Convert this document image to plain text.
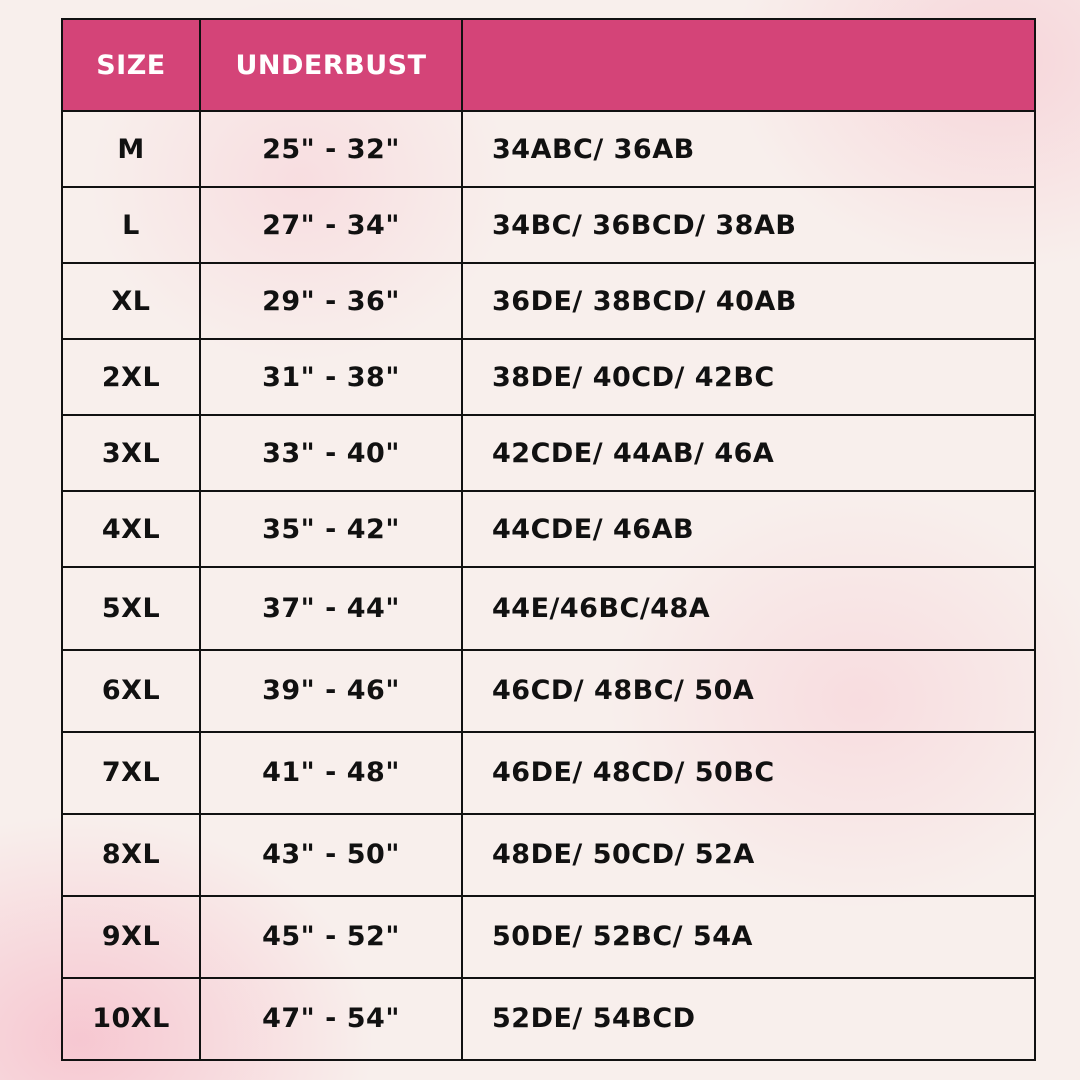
SIZE	UNDERBUST	
M	25" - 32"	34ABC/ 36AB
L	27" - 34"	34BC/ 36BCD/ 38AB
XL	29" - 36"	36DE/ 38BCD/ 40AB
2XL	31" - 38"	38DE/ 40CD/ 42BC
3XL	33" - 40"	42CDE/ 44AB/ 46A
4XL	35" - 42"	44CDE/ 46AB
5XL	37" - 44"	44E/46BC/48A
6XL	39" - 46"	46CD/ 48BC/ 50A
7XL	41" - 48"	46DE/ 48CD/ 50BC
8XL	43" - 50"	48DE/ 50CD/ 52A
9XL	45" - 52"	50DE/ 52BC/ 54A
10XL	47" - 54"	52DE/ 54BCD
